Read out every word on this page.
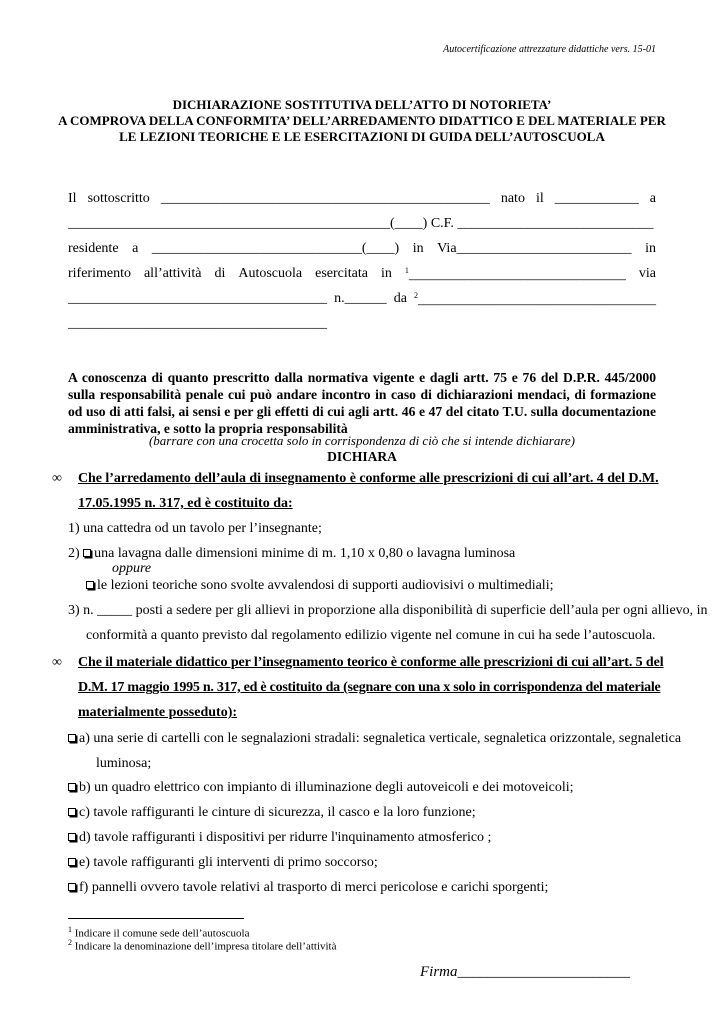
Autocertificazione attrezzature didattiche vers. 15-01
DICHIARAZIONE SOSTITUTIVA DELL’ATTO DI NOTORIETA’
A COMPROVA DELLA CONFORMITA’ DELL’ARREDAMENTO DIDATTICO E DEL MATERIALE PER
LE LEZIONI TEORICHE E LE ESERCITAZIONI DI GUIDA DELL’AUTOSCUOLA
Il sottoscritto _______________________________________________ nato il ____________ a
______________________________________________(____) C.F. ____________________________
residente a ______________________________(____) in Via_________________________ in
riferimento all’attività di Autoscuola esercitata in $^1$_______________________________ via
_____________________________________ n.______ da $^2$__________________________________
_____________________________________
A conoscenza di quanto prescritto dalla normativa vigente e dagli artt. 75 e 76 del D.P.R. 445/2000 sulla responsabilità penale cui può andare incontro in caso di dichiarazioni mendaci, di formazione od uso di atti falsi, ai sensi e per gli effetti di cui agli artt. 46 e 47 del citato T.U. sulla documentazione amministrativa, e sotto la propria responsabilità
(barrare con una crocetta solo in corrispondenza di ciò che si intende dichiarare)
DICHIARA
∞ Che l’arredamento dell’aula di insegnamento è conforme alle prescrizioni di cui all’art. 4 del D.M.
17.05.1995 n. 317, ed è costituito da:
1) una cattedra od un tavolo per l’insegnante;
2) una lavagna dalle dimensioni minime di m. 1,10 x 0,80 o lavagna luminosa
oppure
le lezioni teoriche sono svolte avvalendosi di supporti audiovisivi o multimediali;
3) n. _____ posti a sedere per gli allievi in proporzione alla disponibilità di superficie dell’aula per ogni allievo, in
conformità a quanto previsto dal regolamento edilizio vigente nel comune in cui ha sede l’autoscuola.
∞ Che il materiale didattico per l’insegnamento teorico è conforme alle prescrizioni di cui all’art. 5 del
D.M. 17 maggio 1995 n. 317, ed è costituito da (segnare con una x solo in corrispondenza del materiale
materialmente posseduto):
a) una serie di cartelli con le segnalazioni stradali: segnaletica verticale, segnaletica orizzontale, segnaletica
luminosa;
b) un quadro elettrico con impianto di illuminazione degli autoveicoli e dei motoveicoli;
c) tavole raffiguranti le cinture di sicurezza, il casco e la loro funzione;
d) tavole raffiguranti i dispositivi per ridurre l'inquinamento atmosferico ;
e) tavole raffiguranti gli interventi di primo soccorso;
f) pannelli ovvero tavole relativi al trasporto di merci pericolose e carichi sporgenti;
$^1$ Indicare il comune sede dell’autoscuola
$^2$ Indicare la denominazione dell’impresa titolare dell’attività
Firma_______________________
